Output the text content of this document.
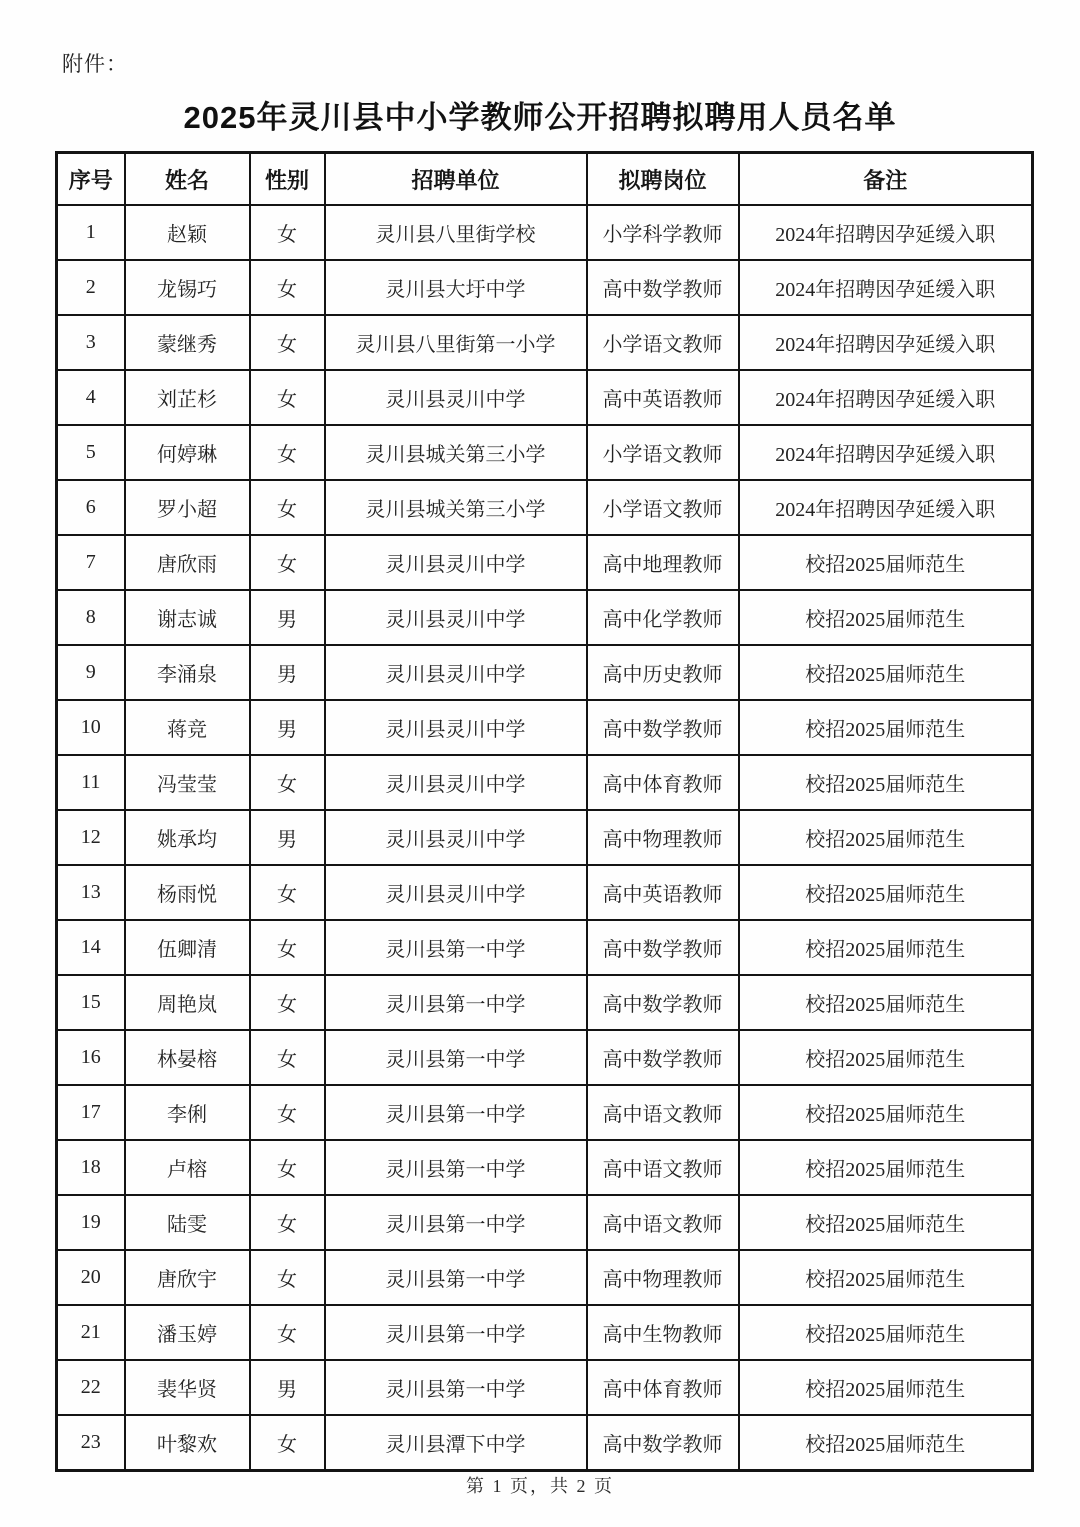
附件：
2025年灵川县中小学教师公开招聘拟聘用人员名单
序号	姓名	性别	招聘单位	拟聘岗位	备注
1	赵颖	女	灵川县八里街学校	小学科学教师	2024年招聘因孕延缓入职
2	龙锡巧	女	灵川县大圩中学	高中数学教师	2024年招聘因孕延缓入职
3	蒙继秀	女	灵川县八里街第一小学	小学语文教师	2024年招聘因孕延缓入职
4	刘芷杉	女	灵川县灵川中学	高中英语教师	2024年招聘因孕延缓入职
5	何婷琳	女	灵川县城关第三小学	小学语文教师	2024年招聘因孕延缓入职
6	罗小超	女	灵川县城关第三小学	小学语文教师	2024年招聘因孕延缓入职
7	唐欣雨	女	灵川县灵川中学	高中地理教师	校招2025届师范生
8	谢志诚	男	灵川县灵川中学	高中化学教师	校招2025届师范生
9	李涌泉	男	灵川县灵川中学	高中历史教师	校招2025届师范生
10	蒋竞	男	灵川县灵川中学	高中数学教师	校招2025届师范生
11	冯莹莹	女	灵川县灵川中学	高中体育教师	校招2025届师范生
12	姚承均	男	灵川县灵川中学	高中物理教师	校招2025届师范生
13	杨雨悦	女	灵川县灵川中学	高中英语教师	校招2025届师范生
14	伍卿清	女	灵川县第一中学	高中数学教师	校招2025届师范生
15	周艳岚	女	灵川县第一中学	高中数学教师	校招2025届师范生
16	林晏榕	女	灵川县第一中学	高中数学教师	校招2025届师范生
17	李俐	女	灵川县第一中学	高中语文教师	校招2025届师范生
18	卢榕	女	灵川县第一中学	高中语文教师	校招2025届师范生
19	陆雯	女	灵川县第一中学	高中语文教师	校招2025届师范生
20	唐欣宇	女	灵川县第一中学	高中物理教师	校招2025届师范生
21	潘玉婷	女	灵川县第一中学	高中生物教师	校招2025届师范生
22	裴华贤	男	灵川县第一中学	高中体育教师	校招2025届师范生
23	叶黎欢	女	灵川县潭下中学	高中数学教师	校招2025届师范生
第 1 页，共 2 页
